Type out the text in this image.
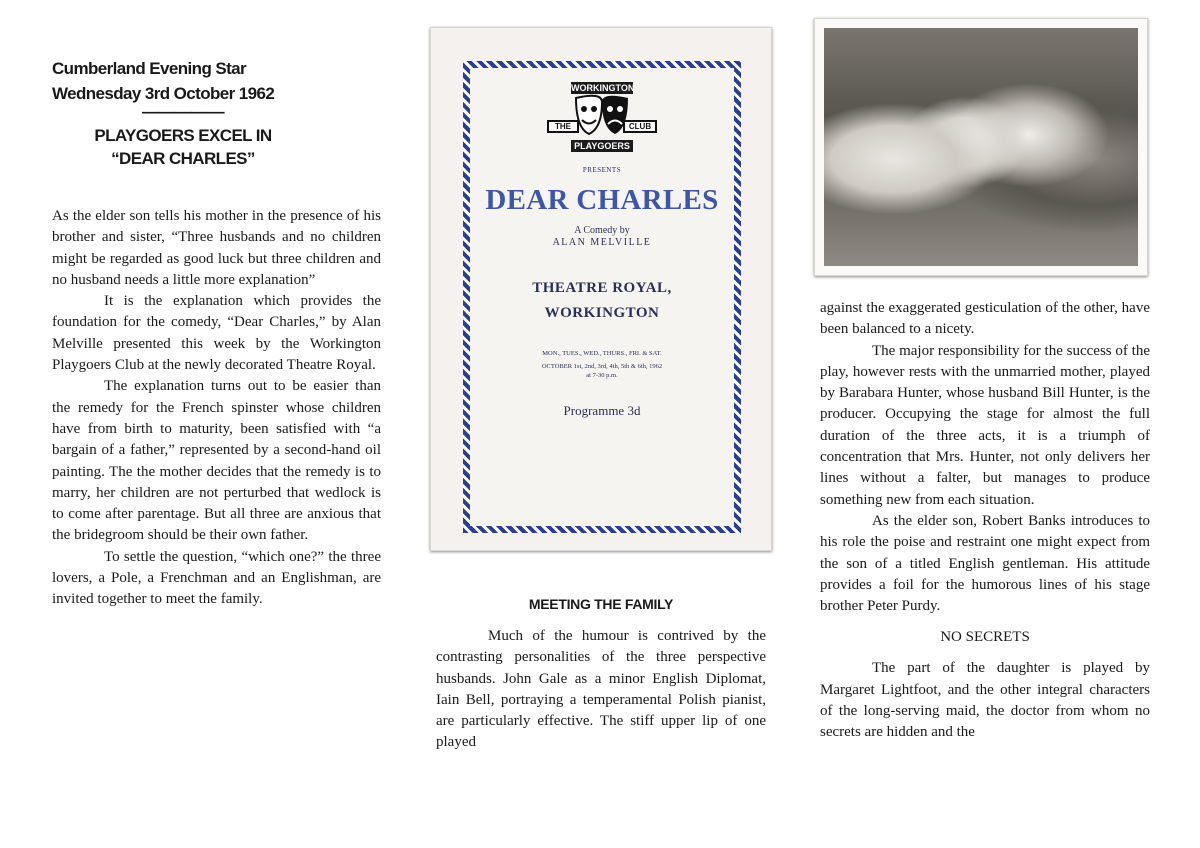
Cumberland Evening Star
Wednesday 3rd October 1962
—————
PLAYGOERS EXCEL IN
“DEAR CHARLES”

As the elder son tells his mother in the presence of his brother and sister, “Three husbands and no children might be regarded as good luck but three children and no husband needs a little more explanation”

It is the explanation which provides the foundation for the comedy, “Dear Charles,” by Alan Melville presented this week by the Workington Playgoers Club at the newly decorated Theatre Royal.

The explanation turns out to be easier than the remedy for the French spinster whose children have from birth to maturity, been satisfied with “a bargain of a father,” represented by a second-hand oil painting. The the mother decides that the remedy is to marry, her children are not perturbed that wedlock is to come after parentage. But all three are anxious that the bridegroom should be their own father.

To settle the question, “which one?” the three lovers, a Pole, a Frenchman and an Englishman, are invited together to meet the family.

WORKINGTON
THE	CLUB
PLAYGOERS
PRESENTS
DEAR CHARLES
A Comedy by
ALAN MELVILLE
THEATRE ROYAL,
WORKINGTON
MON., TUES., WED., THURS., FRI. & SAT.
OCTOBER 1st, 2nd, 3rd, 4th, 5th & 6th, 1962
at 7-30 p.m.
Programme 3d
MEETING THE FAMILY

Much of the humour is contrived by the contrasting personalities of the three perspective husbands. John Gale as a minor English Diplomat, Iain Bell, portraying a temperamental Polish pianist, are particularly effective. The stiff upper lip of one played

against the exaggerated gesticulation of the other, have been balanced to a nicety.

The major responsibility for the success of the play, however rests with the unmarried mother, played by Barabara Hunter, whose husband Bill Hunter, is the producer. Occupying the stage for almost the full duration of the three acts, it is a triumph of concentration that Mrs. Hunter, not only delivers her lines without a falter, but manages to produce something new from each situation.

As the elder son, Robert Banks introduces to his role the poise and restraint one might expect from the son of a titled English gentleman. His attitude provides a foil for the humorous lines of his stage brother Peter Purdy.

NO SECRETS

The part of the daughter is played by Margaret Lightfoot, and the other integral characters of the long-serving maid, the doctor from whom no secrets are hidden and the
